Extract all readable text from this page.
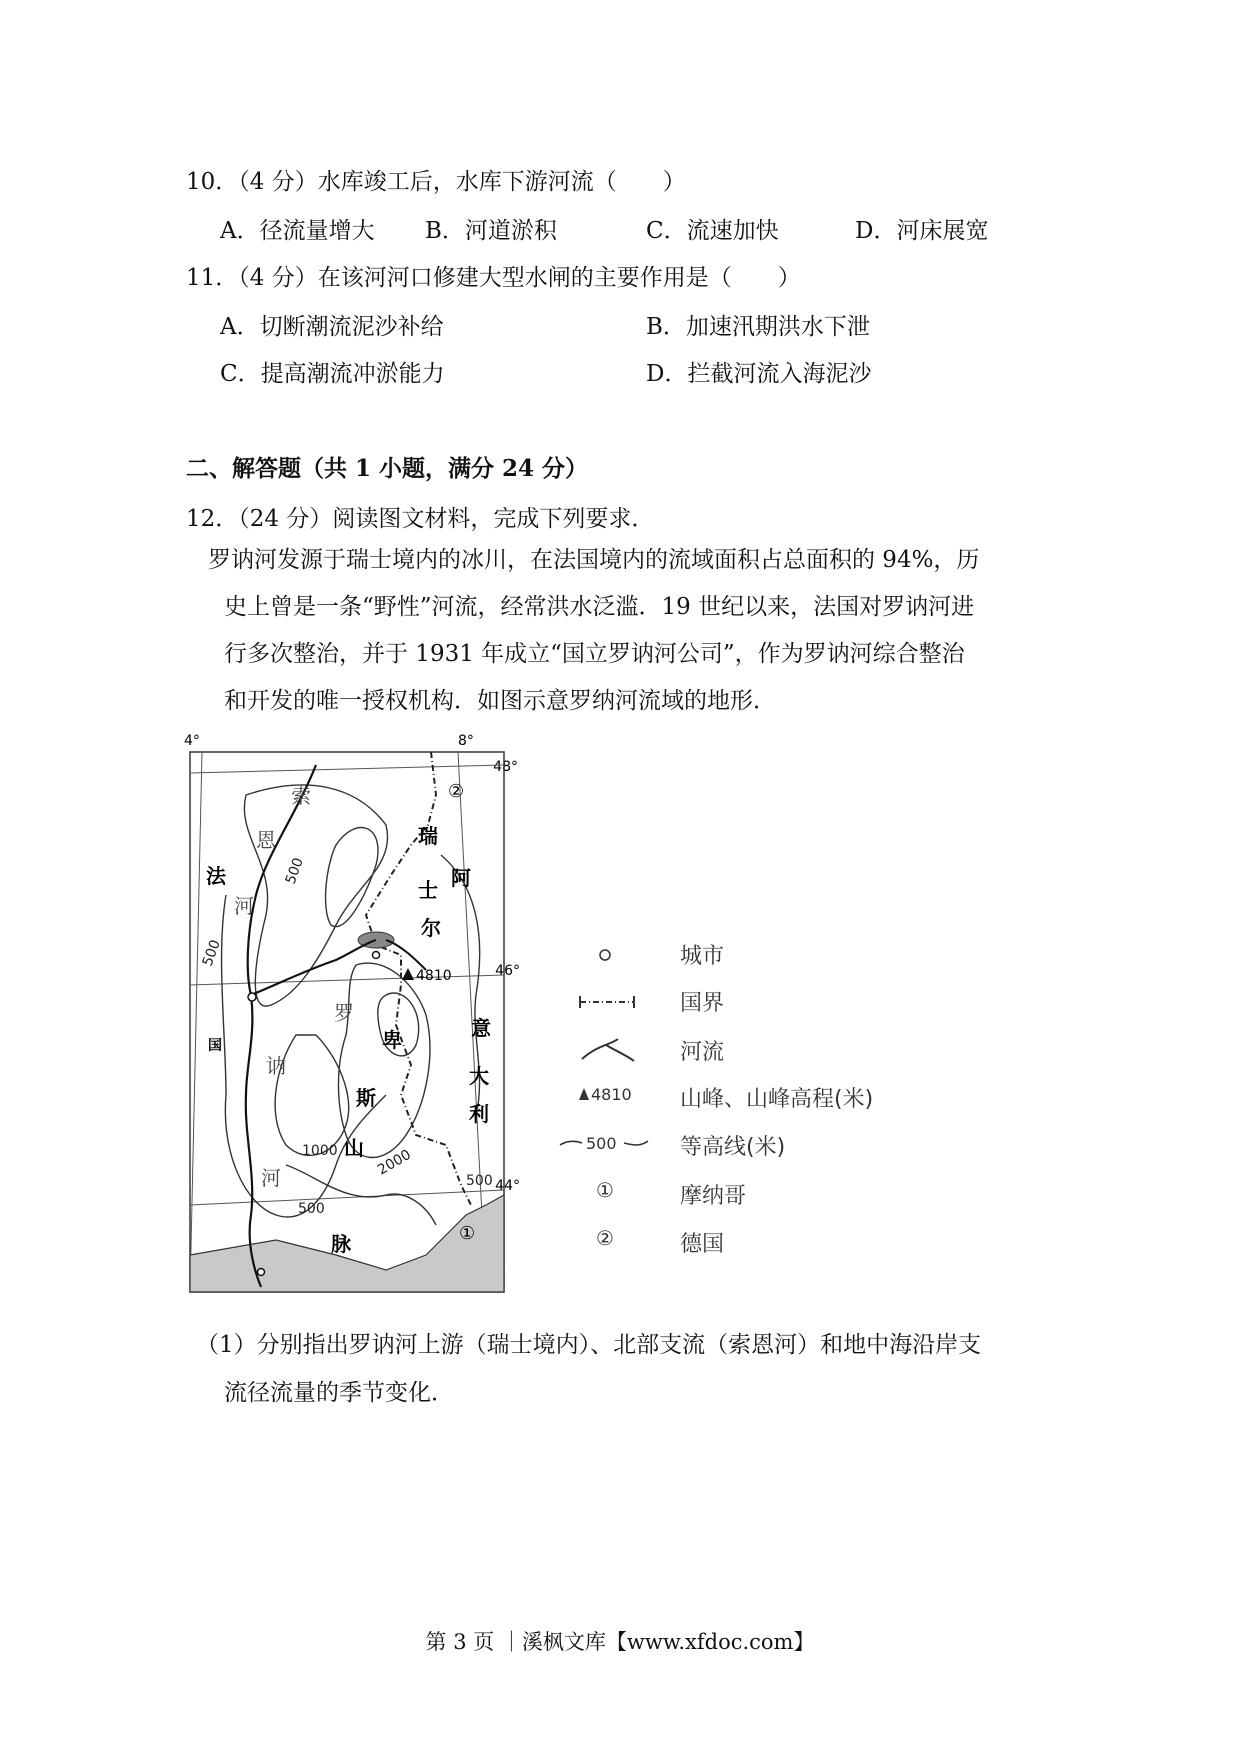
10．（4 分）水库竣工后，水库下游河流（　　）
A．径流量增大 B．河道淤积	C．流速加快	D．河床展宽
11．（4 分）在该河河口修建大型水闸的主要作用是（　　）
A．切断潮流泥沙补给	B．加速汛期洪水下泄
C．提高潮流冲淤能力	D．拦截河流入海泥沙
二、解答题（共 1 小题，满分 24 分）
12．（24 分）阅读图文材料，完成下列要求．
罗讷河发源于瑞士境内的冰川，在法国境内的流域面积占总面积的 94%，历
史上曾是一条“野性”河流，经常洪水泛滥．19 世纪以来，法国对罗讷河进
行多次整治，并于 1931 年成立“国立罗讷河公司”，作为罗讷河综合整治
和开发的唯一授权机构．如图示意罗纳河流域的地形．
4°	8°
48°
46°
44°
4810
法
国
索
恩
河
罗
讷
河
瑞
士 阿
尔
卑
斯
山
脉
意
大
利
①
②
500
500
500
1000	2000
500
4810
500
①
②
城市
国界
河流
山峰、山峰高程(米)
等高线(米)
摩纳哥
德国
（1）分别指出罗讷河上游（瑞士境内）、北部支流（索恩河）和地中海沿岸支
流径流量的季节变化．
第 3 页 ｜溪枫文库【www.xfdoc.com】
